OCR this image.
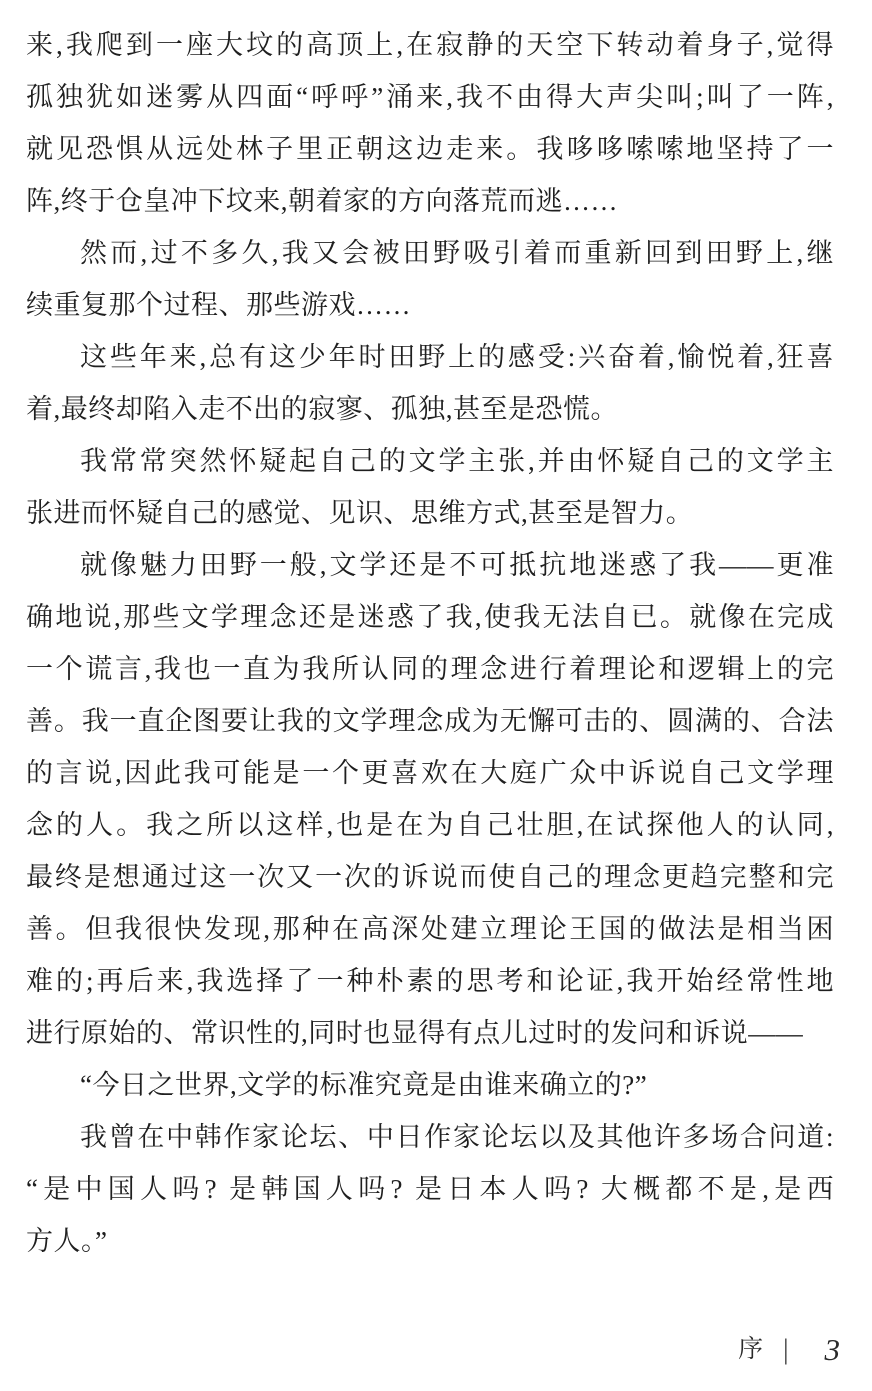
来,我爬到一座大坟的高顶上,在寂静的天空下转动着身子,觉得
孤独犹如迷雾从四面“呼呼”涌来,我不由得大声尖叫;叫了一阵,
就见恐惧从远处林子里正朝这边走来。我哆哆嗦嗦地坚持了一
阵,终于仓皇冲下坟来,朝着家的方向落荒而逃……
然而,过不多久,我又会被田野吸引着而重新回到田野上,继
续重复那个过程、那些游戏……
这些年来,总有这少年时田野上的感受:兴奋着,愉悦着,狂喜
着,最终却陷入走不出的寂寥、孤独,甚至是恐慌。
我常常突然怀疑起自己的文学主张,并由怀疑自己的文学主
张进而怀疑自己的感觉、见识、思维方式,甚至是智力。
就像魅力田野一般,文学还是不可抵抗地迷惑了我——更准
确地说,那些文学理念还是迷惑了我,使我无法自已。就像在完成
一个谎言,我也一直为我所认同的理念进行着理论和逻辑上的完
善。我一直企图要让我的文学理念成为无懈可击的、圆满的、合法
的言说,因此我可能是一个更喜欢在大庭广众中诉说自己文学理
念的人。我之所以这样,也是在为自己壮胆,在试探他人的认同,
最终是想通过这一次又一次的诉说而使自己的理念更趋完整和完
善。但我很快发现,那种在高深处建立理论王国的做法是相当困
难的;再后来,我选择了一种朴素的思考和论证,我开始经常性地
进行原始的、常识性的,同时也显得有点儿过时的发问和诉说——
“今日之世界,文学的标准究竟是由谁来确立的?”
我曾在中韩作家论坛、中日作家论坛以及其他许多场合问道:
“是中国人吗? 是韩国人吗? 是日本人吗? 大概都不是,是西
方人。”
序 | 3
